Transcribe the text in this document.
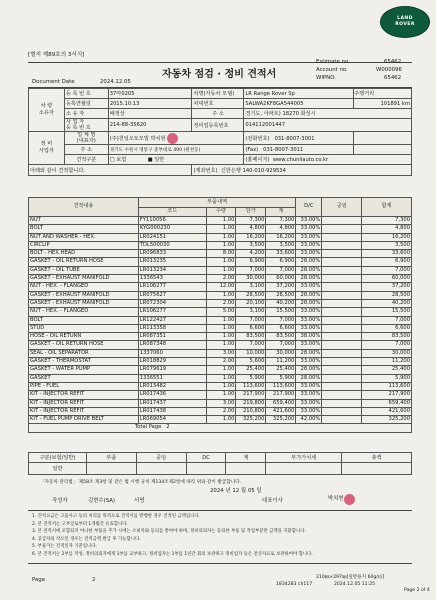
[별지 제89호의 3서식]
LAND
ROVER
자동차 점검 · 정비 견적서
Estimate no.	65462
Account no.	W000096
WIPNO.	65462
Document Date	2024.12.05
차 량
소유자	등 록 번 호	37마0205	차명(자동차 모델)	LR Range Rover Sp	주행거리
	등록연월일	2015.10.13	차대번호	SALWA2KF8GA544005	101891 km
	소 유 자	배정상	주 소	경기도, 아파트) 18270 화성시	
	사 업 자
등 록 번 호	214-88-35620	정비업등록번호	014112001447	
정 비
사업자	업 체 명
(대표자)	(주)천일오토모빌 박치현		(전화번호) 031-8007-3001	
	주 소	경기도 수원시 영통구 중부대로 490 (원천동)		(Fax) 031-8007-3011	
	견적구분	□ 보험             ■ 일반		(홈페이지) www.chunilauto.co.kr	
아래와 같이 견적합니다.			(계좌번호) 신한은행 140-010-929534		
견적내용	부품내역				D/C	공임	합계
	코드	수량	단가	계			
NUT	FY110056	1.00	7,300	7,300	33.00%		7,300
BOLT	KYG000230	1.00	4,800	4,800	33.00%		4,800
NUT AND WASHER - HEX.	LR024151	1.00	16,200	16,200	33.00%		16,200
CIRCLIP	TDL500030	1.00	3,500	3,500	33.00%		3,500
BOLT - HEX.HEAD	LR096833	8.00	4,200	33,600	33.00%		33,600
GASKET - OIL RETURN HOSE	LR013235	1.00	6,900	6,900	28.00%		6,900
GASKET - OIL TUBE	LR013234	1.00	7,000	7,000	28.00%		7,000
GASKET - EXHAUST MANIFOLD	1336543	2.00	30,000	60,000	28.00%		60,000
NUT - HEX. - FLANGED	LR106277	12.00	3,100	37,200	33.00%		37,200
GASKET - EXHAUST MANIFOLD	LR075627	1.00	28,500	28,500	28.00%		28,500
GASKET - EXHAUST MANIFOLD	LR072304	2.00	20,100	40,200	28.00%		40,200
NUT - HEX. - FLANGED	LR106277	5.00	3,100	15,500	33.00%		15,500
BOLT	LR122427	1.00	7,000	7,000	33.00%		7,000
STUD	LR113358	1.00	6,600	6,600	33.00%		6,600
HOSE - OIL RETURN	LR087351	1.00	83,500	83,500	38.00%		83,500
GASKET - OIL RETURN HOSE	LR087348	1.00	7,000	7,000	33.00%		7,000
SEAL - OIL SEPARATOR	1337060	3.00	10,000	30,000	28.00%		30,000
GASKET - THERMOSTAT	LR018829	2.00	5,600	11,200	33.00%		11,200
GASKET - WATER PUMP	LR079619	1.00	25,400	25,400	28.00%		25,400
GASKET	1336551	1.00	5,900	5,900	28.00%		5,900
PIPE - FUEL	LR013482	1.00	113,600	113,600	33.00%		113,600
KIT - INJECTOR REFIT	LR017436	1.00	217,900	217,900	33.00%		217,900
KIT - INJECTOR REFIT	LR017437	3.00	219,800	659,400	33.00%		659,400
KIT - INJECTOR REFIT	LR017438	2.00	210,800	421,600	33.00%		421,600
KIT - FUEL PUMP DRIVE BELT	LR069054	1.00	325,200	325,200	42.00%		325,200
Total Page 2							
구분(보험/일반)	부품	공임	DC	계	부가가치세	총액
일반						
「자동차 관리법」 제58조 제3항 및 같은 법 시행 규칙 제134조제2항에 따라 위와 같이 발급합니다.
2024 년 12 월 05 일
작성자	김현수(SA)	서명	대표이사	박치현
1. 견적요금은 고품사고 등의 처리를 목적으로 견적서를 발행한 경우 견적된 금액입니다.
2. 본 견적서는 고부일로부터 1개월간 유효합니다.
3. 본 견적서에 포함되지 아니한 부품을 추가 시에는 소비자와 동의를 받아야 하며, 정비의뢰자는 동의한 부품 및 작업부분만 금액을 지불합니다.
4. 공급자의 착오인 경우는 견적금액 발급 후 가능합니다.
5. 부품가는 견적일자 기준입니다.
6. 본 견적서는 2부를 작성, 정비의뢰자에게 1부를 교부하고, 정비업자는 1부를 1년간 회의 보관하고 정비업자 등은 전산자료로 보관하여야 합니다.
Page	2	210㎜×297㎜[일반용지 60g/㎡]
1834283 ch117	2024.12.05 11:25
Page 2 of 4
